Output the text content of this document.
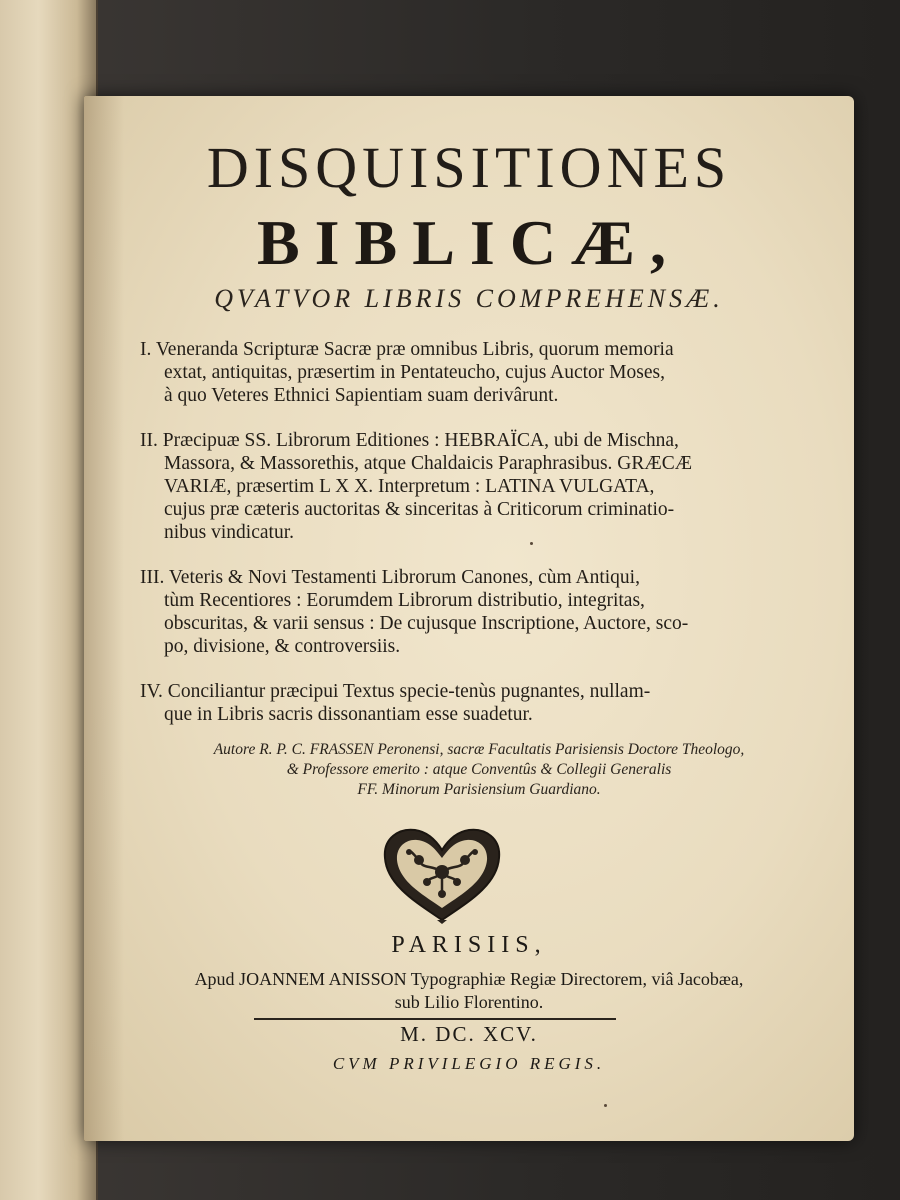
DISQUISITIONES
BIBLICÆ,
QVATVOR LIBRIS COMPREHENSÆ.
I. Veneranda Scripturæ Sacræ præ omnibus Libris, quorum memoria
extat, antiquitas, præsertim in Pentateucho, cujus Auctor Moses,
à quo Veteres Ethnici Sapientiam suam derivârunt.
II. Præcipuæ SS. Librorum Editiones : HEBRAÏCA, ubi de Mischna,
Massora, & Massorethis, atque Chaldaicis Paraphrasibus. GRÆCÆ
VARIÆ, præsertim L X X. Interpretum : LATINA VULGATA,
cujus præ cæteris auctoritas & sinceritas à Criticorum criminatio-
nibus vindicatur.
III. Veteris & Novi Testamenti Librorum Canones, cùm Antiqui,
tùm Recentiores : Eorumdem Librorum distributio, integritas,
obscuritas, & varii sensus : De cujusque Inscriptione, Auctore, sco-
po, divisione, & controversiis.
IV. Conciliantur præcipui Textus specie-tenùs pugnantes, nullam-
que in Libris sacris dissonantiam esse suadetur.
Autore R. P. C. FRASSEN Peronensi, sacræ Facultatis Parisiensis Doctore Theologo,
& Professore emerito : atque Conventûs & Collegii Generalis
FF. Minorum Parisiensium Guardiano.
PARISIIS,
Apud JOANNEM ANISSON Typographiæ Regiæ Directorem, viâ Jacobæa,
sub Lilio Florentino.
M. DC. XCV.
CVM PRIVILEGIO REGIS.
